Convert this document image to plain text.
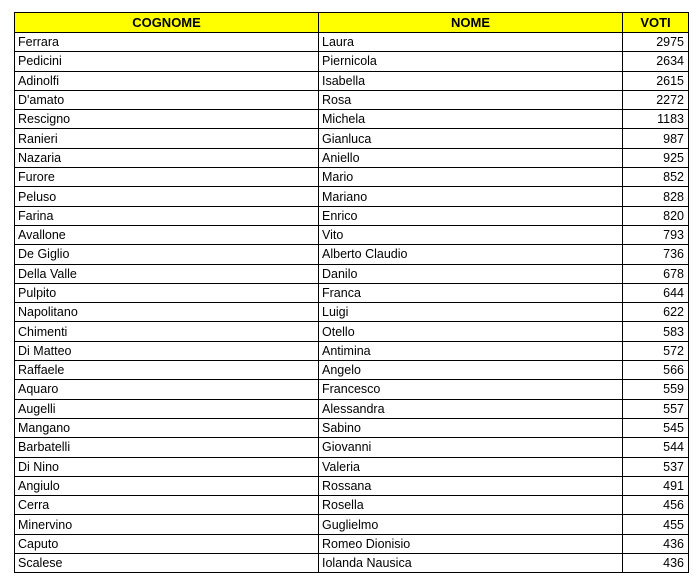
COGNOME	NOME	VOTI
Ferrara	Laura	2975
Pedicini	Piernicola	2634
Adinolfi	Isabella	2615
D'amato	Rosa	2272
Rescigno	Michela	1183
Ranieri	Gianluca	987
Nazaria	Aniello	925
Furore	Mario	852
Peluso	Mariano	828
Farina	Enrico	820
Avallone	Vito	793
De Giglio	Alberto Claudio	736
Della Valle	Danilo	678
Pulpito	Franca	644
Napolitano	Luigi	622
Chimenti	Otello	583
Di Matteo	Antimina	572
Raffaele	Angelo	566
Aquaro	Francesco	559
Augelli	Alessandra	557
Mangano	Sabino	545
Barbatelli	Giovanni	544
Di Nino	Valeria	537
Angiulo	Rossana	491
Cerra	Rosella	456
Minervino	Guglielmo	455
Caputo	Romeo Dionisio	436
Scalese	Iolanda Nausica	436
